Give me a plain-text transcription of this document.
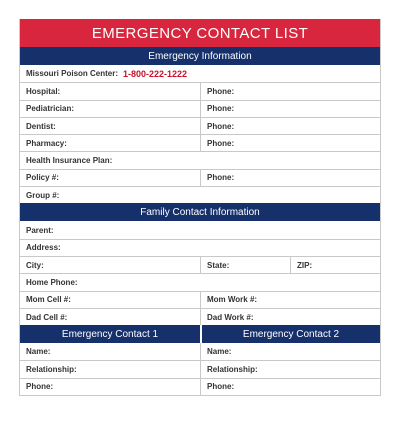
EMERGENCY CONTACT LIST
Emergency Information
Missouri Poison Center: 1-800-222-1222
Hospital:	Phone:
Pediatrician:	Phone:
Dentist:	Phone:
Pharmacy:	Phone:
Health Insurance Plan:
Policy #:	Phone:
Group #:
Family Contact Information
Parent:
Address:
City:	State:	ZIP:
Home Phone:
Mom Cell #:	Mom Work #:
Dad Cell #:	Dad Work #:
Emergency Contact 1	Emergency Contact 2
Name:	Name:
Relationship:	Relationship:
Phone:	Phone:
